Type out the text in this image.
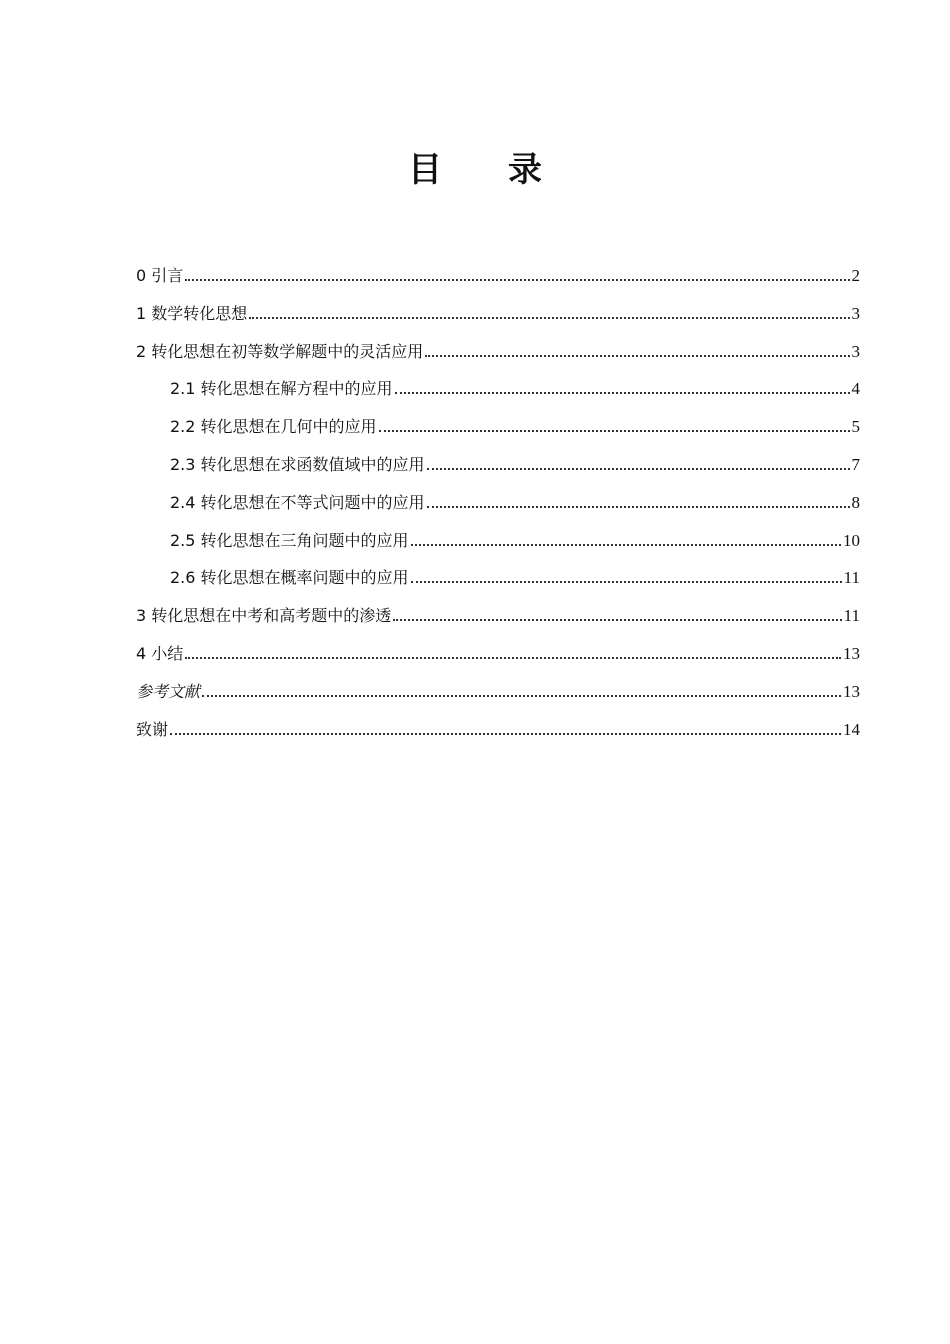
目 录
0 引言	2
1 数学转化思想	3
2 转化思想在初等数学解题中的灵活应用	3
2.1 转化思想在解方程中的应用	4
2.2 转化思想在几何中的应用	5
2.3 转化思想在求函数值域中的应用	7
2.4 转化思想在不等式问题中的应用	8
2.5 转化思想在三角问题中的应用	10
2.6 转化思想在概率问题中的应用	11
3 转化思想在中考和高考题中的渗透	11
4 小结	13
参考文献	13
致谢	14
